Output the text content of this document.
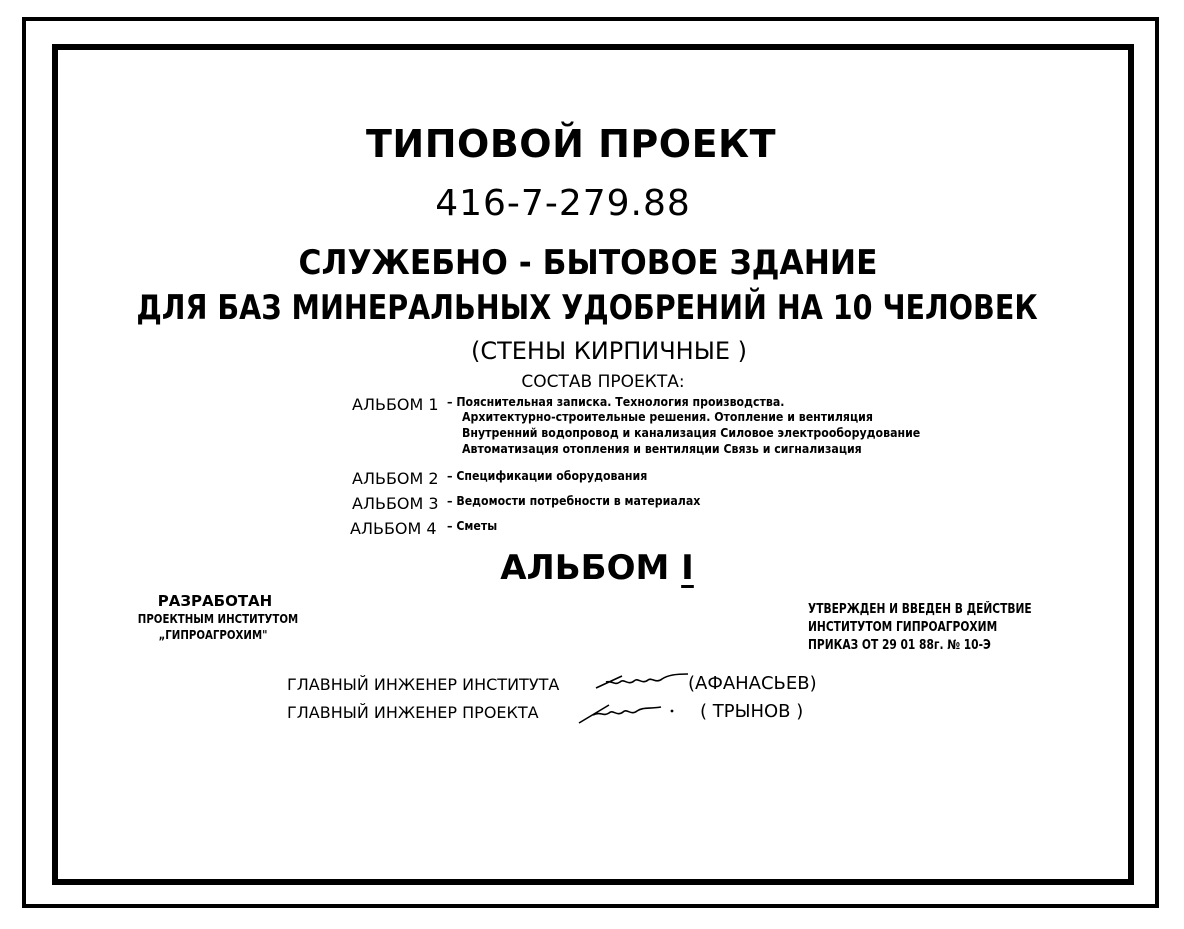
ТИПОВОЙ ПРОЕКТ
416-7-279.88
СЛУЖЕБНО - БЫТОВОЕ ЗДАНИЕ
ДЛЯ БАЗ МИНЕРАЛЬНЫХ УДОБРЕНИЙ НА 10 ЧЕЛОВЕК
(СТЕНЫ КИРПИЧНЫЕ )
СОСТАВ ПРОЕКТА:
АЛЬБОМ 1 – Пояснительная записка. Технология производства.
Архитектурно-строительные решения. Отопление и вентиляция
Внутренний водопровод и канализация Силовое электрооборудование
Автоматизация отопления и вентиляции Связь и сигнализация
АЛЬБОМ 2 – Спецификации оборудования
АЛЬБОМ 3 – Ведомости потребности в материалах
АЛЬБОМ 4 – Сметы
АЛЬБОМ I
РАЗРАБОТАН
ПРОЕКТНЫМ ИНСТИТУТОМ
„ГИПРОАГРОХИМ"
УТВЕРЖДЕН И ВВЕДЕН В ДЕЙСТВИЕ
ИНСТИТУТОМ ГИПРОАГРОХИМ
ПРИКАЗ ОТ 29 01 88г. № 10-Э
ГЛАВНЫЙ ИНЖЕНЕР ИНСТИТУТА	(АФАНАСЬЕВ)
ГЛАВНЫЙ ИНЖЕНЕР ПРОЕКТА	( ТРЫНОВ )
